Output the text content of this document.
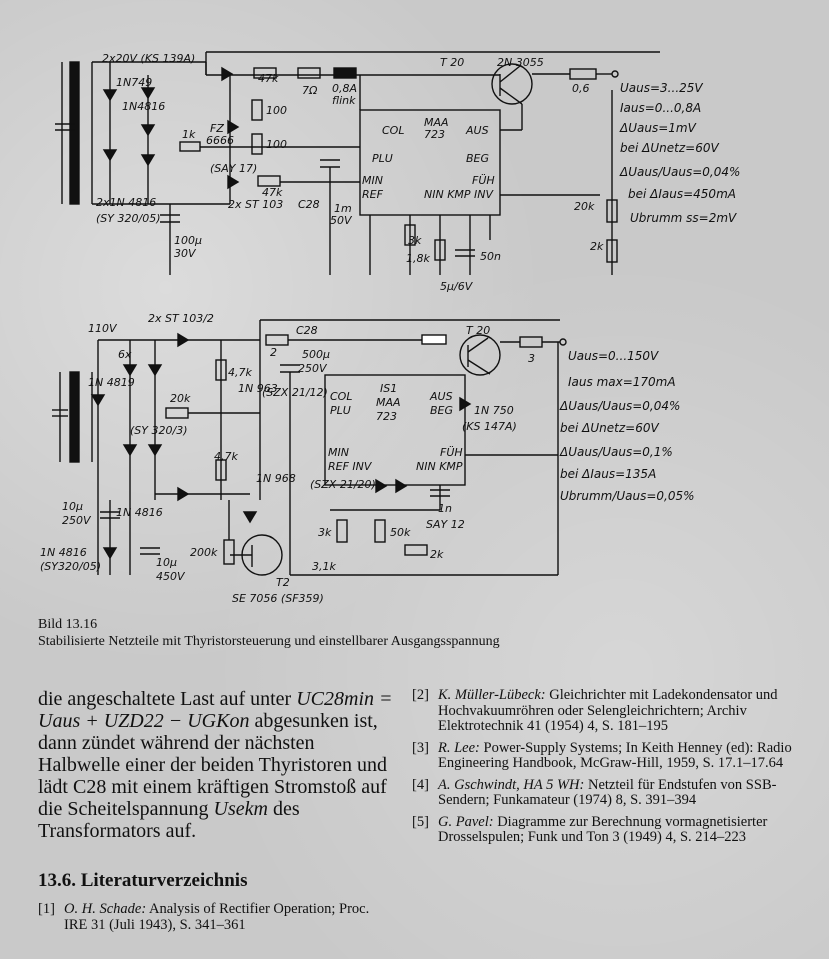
2x20V (KS 139A)
1N749
1N4816
47k
7Ω 0,8A
flink
T 20	2N 3055
0,6
100
100
1k FZ
6666
(SAY 17)
47k
2x1N 4816
(SY 320/05)
2x ST 103 C28 1m
50V
100μ
30V
COL
MAA
723 AUS
PLU	BEG
MIN	FÜH
REF	NIN KMP INV
3k
1,8k	50n
5μ/6V
20k
2k
Uaus=3...25V
Iaus=0...0,8A
ΔUaus=1mV
bei ΔUnetz=60V
ΔUaus/Uaus=0,04%
bei ΔIaus=450mA
Ubrumm ss=2mV
110V
2x ST 103/2
C28
2 500μ
250V
T 20
3
6x
1N 4819
20k
(SY 320/3)
4,7k
1N 963
(SZX 21/12) COL
PLU
IS1
MAA
723
AUS
BEG 1N 750
(KS 147A)
4,7k	MIN
REF INV
FÜH
NIN KMP
1N 968 (SZX 21/20)
1n
SAY 12
10μ
250V
1N 4816
1N 4816
(SY320/05)	10μ
450V
200k
3k	50k
3,1k
2k
T2
SE 7056 (SF359)
Uaus=0...150V
Iaus max=170mA
ΔUaus/Uaus=0,04%
bei ΔUnetz=60V
ΔUaus/Uaus=0,1%
bei ΔIaus=135A
Ubrumm/Uaus=0,05%
Bild 13.16
Stabilisierte Netzteile mit Thyristorsteuerung und einstellbarer Ausgangsspannung
die angeschaltete Last auf unter UC28min = Uaus + UZD22 − UGKon abgesunken ist, dann zündet während der nächsten Halbwelle einer der beiden Thyristoren und lädt C28 mit einem kräftigen Stromstoß auf die Scheitelspannung Usekm des Transformators auf.
13.6. Literaturverzeichnis
[1] O. H. Schade: Analysis of Rectifier Operation; Proc. IRE 31 (Juli 1943), S. 341–361
[2] K. Müller-Lübeck: Gleichrichter mit Ladekondensator und Hochvakuumröhren oder Selengleichrichtern; Archiv Elektrotechnik 41 (1954) 4, S. 181–195
[3] R. Lee: Power-Supply Systems; In Keith Henney (ed): Radio Engineering Handbook, McGraw-Hill, 1959, S. 17.1–17.64
[4] A. Gschwindt, HA 5 WH: Netzteil für Endstufen von SSB-Sendern; Funkamateur (1974) 8, S. 391–394
[5] G. Pavel: Diagramme zur Berechnung vormagnetisierter Drosselspulen; Funk und Ton 3 (1949) 4, S. 214–223
